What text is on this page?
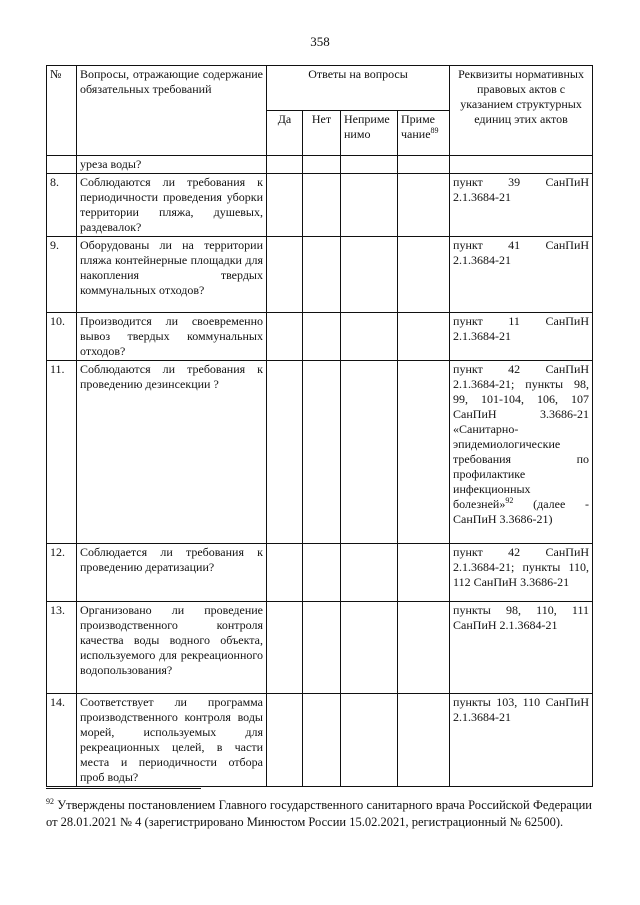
358
№	Вопросы, отражающие содержание обязательных требований	Ответы на вопросы				Реквизиты нормативных правовых актов с указанием структурных единиц этих актов
		Да	Нет	Неприме нимо	Приме чание$^{89}$
	уреза воды?					
8.	Соблюдаются ли требования к периодичности проведения уборки территории пляжа, душевых, раздевалок?					пункт 39 СанПиН 2.1.3684-21
9.	Оборудованы ли на территории пляжа контейнерные площадки для накопления твердых коммунальных отходов?					пункт 41 СанПиН 2.1.3684-21
10.	Производится ли своевременно вывоз твердых коммунальных отходов?					пункт 11 СанПиН 2.1.3684-21
11.	Соблюдаются ли требования к проведению дезинсекции ?					пункт 42 СанПиН 2.1.3684-21; пункты 98, 99, 101-104, 106, 107 СанПиН 3.3686-21 «Санитарно-эпидемиологические требования по профилактике инфекционных болезней»$^{92}$ (далее - СанПиН 3.3686-21)
12.	Соблюдается ли требования к проведению дератизации?					пункт 42 СанПиН 2.1.3684-21; пункты 110, 112 СанПиН 3.3686-21
13.	Организовано ли проведение производственного контроля качества воды водного объекта, используемого для рекреационного водопользования?					пункты 98, 110, 111 СанПиН 2.1.3684-21
14.	Соответствует ли программа производственного контроля воды морей, используемых для рекреационных целей, в части места и периодичности отбора проб воды?					пункты 103, 110 СанПиН 2.1.3684-21
$^{92}$ Утверждены постановлением Главного государственного санитарного врача Российской Федерации от 28.01.2021 № 4 (зарегистрировано Минюстом России 15.02.2021, регистрационный № 62500).
